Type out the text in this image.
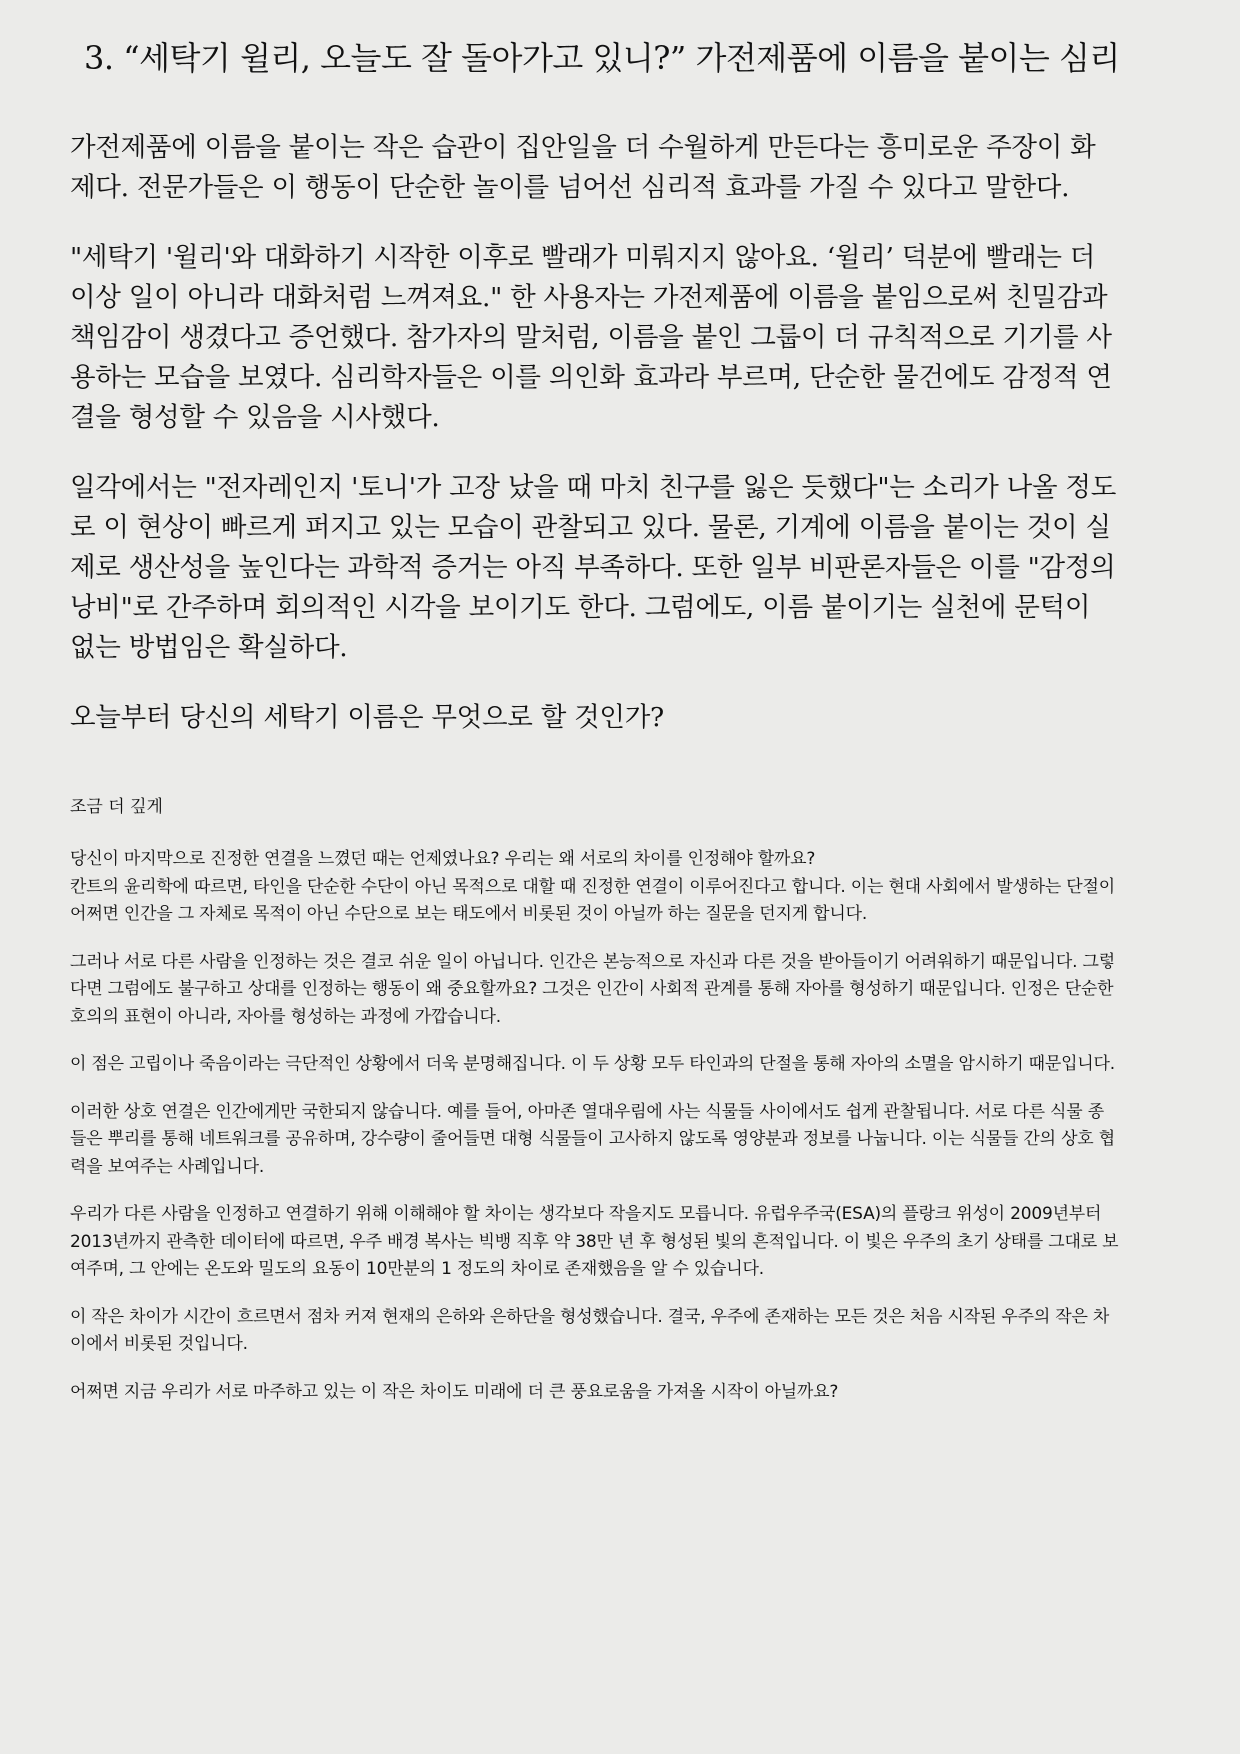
3. “세탁기 윌리, 오늘도 잘 돌아가고 있니?” 가전제품에 이름을 붙이는 심리

가전제품에 이름을 붙이는 작은 습관이 집안일을 더 수월하게 만든다는 흥미로운 주장이 화제다. 전문가들은 이 행동이 단순한 놀이를 넘어선 심리적 효과를 가질 수 있다고 말한다.

"세탁기 '윌리'와 대화하기 시작한 이후로 빨래가 미뤄지지 않아요. ‘윌리’ 덕분에 빨래는 더 이상 일이 아니라 대화처럼 느껴져요." 한 사용자는 가전제품에 이름을 붙임으로써 친밀감과 책임감이 생겼다고 증언했다. 참가자의 말처럼, 이름을 붙인 그룹이 더 규칙적으로 기기를 사용하는 모습을 보였다. 심리학자들은 이를 의인화 효과라 부르며, 단순한 물건에도 감정적 연결을 형성할 수 있음을 시사했다.

일각에서는 "전자레인지 '토니'가 고장 났을 때 마치 친구를 잃은 듯했다"는 소리가 나올 정도로 이 현상이 빠르게 퍼지고 있는 모습이 관찰되고 있다. 물론, 기계에 이름을 붙이는 것이 실제로 생산성을 높인다는 과학적 증거는 아직 부족하다. 또한 일부 비판론자들은 이를 "감정의 낭비"로 간주하며 회의적인 시각을 보이기도 한다. 그럼에도, 이름 붙이기는 실천에 문턱이 없는 방법임은 확실하다.

오늘부터 당신의 세탁기 이름은 무엇으로 할 것인가?

조금 더 깊게

당신이 마지막으로 진정한 연결을 느꼈던 때는 언제였나요? 우리는 왜 서로의 차이를 인정해야 할까요?
칸트의 윤리학에 따르면, 타인을 단순한 수단이 아닌 목적으로 대할 때 진정한 연결이 이루어진다고 합니다. 이는 현대 사회에서 발생하는 단절이 어쩌면 인간을 그 자체로 목적이 아닌 수단으로 보는 태도에서 비롯된 것이 아닐까 하는 질문을 던지게 합니다.

그러나 서로 다른 사람을 인정하는 것은 결코 쉬운 일이 아닙니다. 인간은 본능적으로 자신과 다른 것을 받아들이기 어려워하기 때문입니다. 그렇다면 그럼에도 불구하고 상대를 인정하는 행동이 왜 중요할까요? 그것은 인간이 사회적 관계를 통해 자아를 형성하기 때문입니다. 인정은 단순한 호의의 표현이 아니라, 자아를 형성하는 과정에 가깝습니다.

이 점은 고립이나 죽음이라는 극단적인 상황에서 더욱 분명해집니다. 이 두 상황 모두 타인과의 단절을 통해 자아의 소멸을 암시하기 때문입니다.

이러한 상호 연결은 인간에게만 국한되지 않습니다. 예를 들어, 아마존 열대우림에 사는 식물들 사이에서도 쉽게 관찰됩니다. 서로 다른 식물 종들은 뿌리를 통해 네트워크를 공유하며, 강수량이 줄어들면 대형 식물들이 고사하지 않도록 영양분과 정보를 나눕니다. 이는 식물들 간의 상호 협력을 보여주는 사례입니다.

우리가 다른 사람을 인정하고 연결하기 위해 이해해야 할 차이는 생각보다 작을지도 모릅니다. 유럽우주국(ESA)의 플랑크 위성이 2009년부터 2013년까지 관측한 데이터에 따르면, 우주 배경 복사는 빅뱅 직후 약 38만 년 후 형성된 빛의 흔적입니다. 이 빛은 우주의 초기 상태를 그대로 보여주며, 그 안에는 온도와 밀도의 요동이 10만분의 1 정도의 차이로 존재했음을 알 수 있습니다.

이 작은 차이가 시간이 흐르면서 점차 커져 현재의 은하와 은하단을 형성했습니다. 결국, 우주에 존재하는 모든 것은 처음 시작된 우주의 작은 차이에서 비롯된 것입니다.

어쩌면 지금 우리가 서로 마주하고 있는 이 작은 차이도 미래에 더 큰 풍요로움을 가져올 시작이 아닐까요?
